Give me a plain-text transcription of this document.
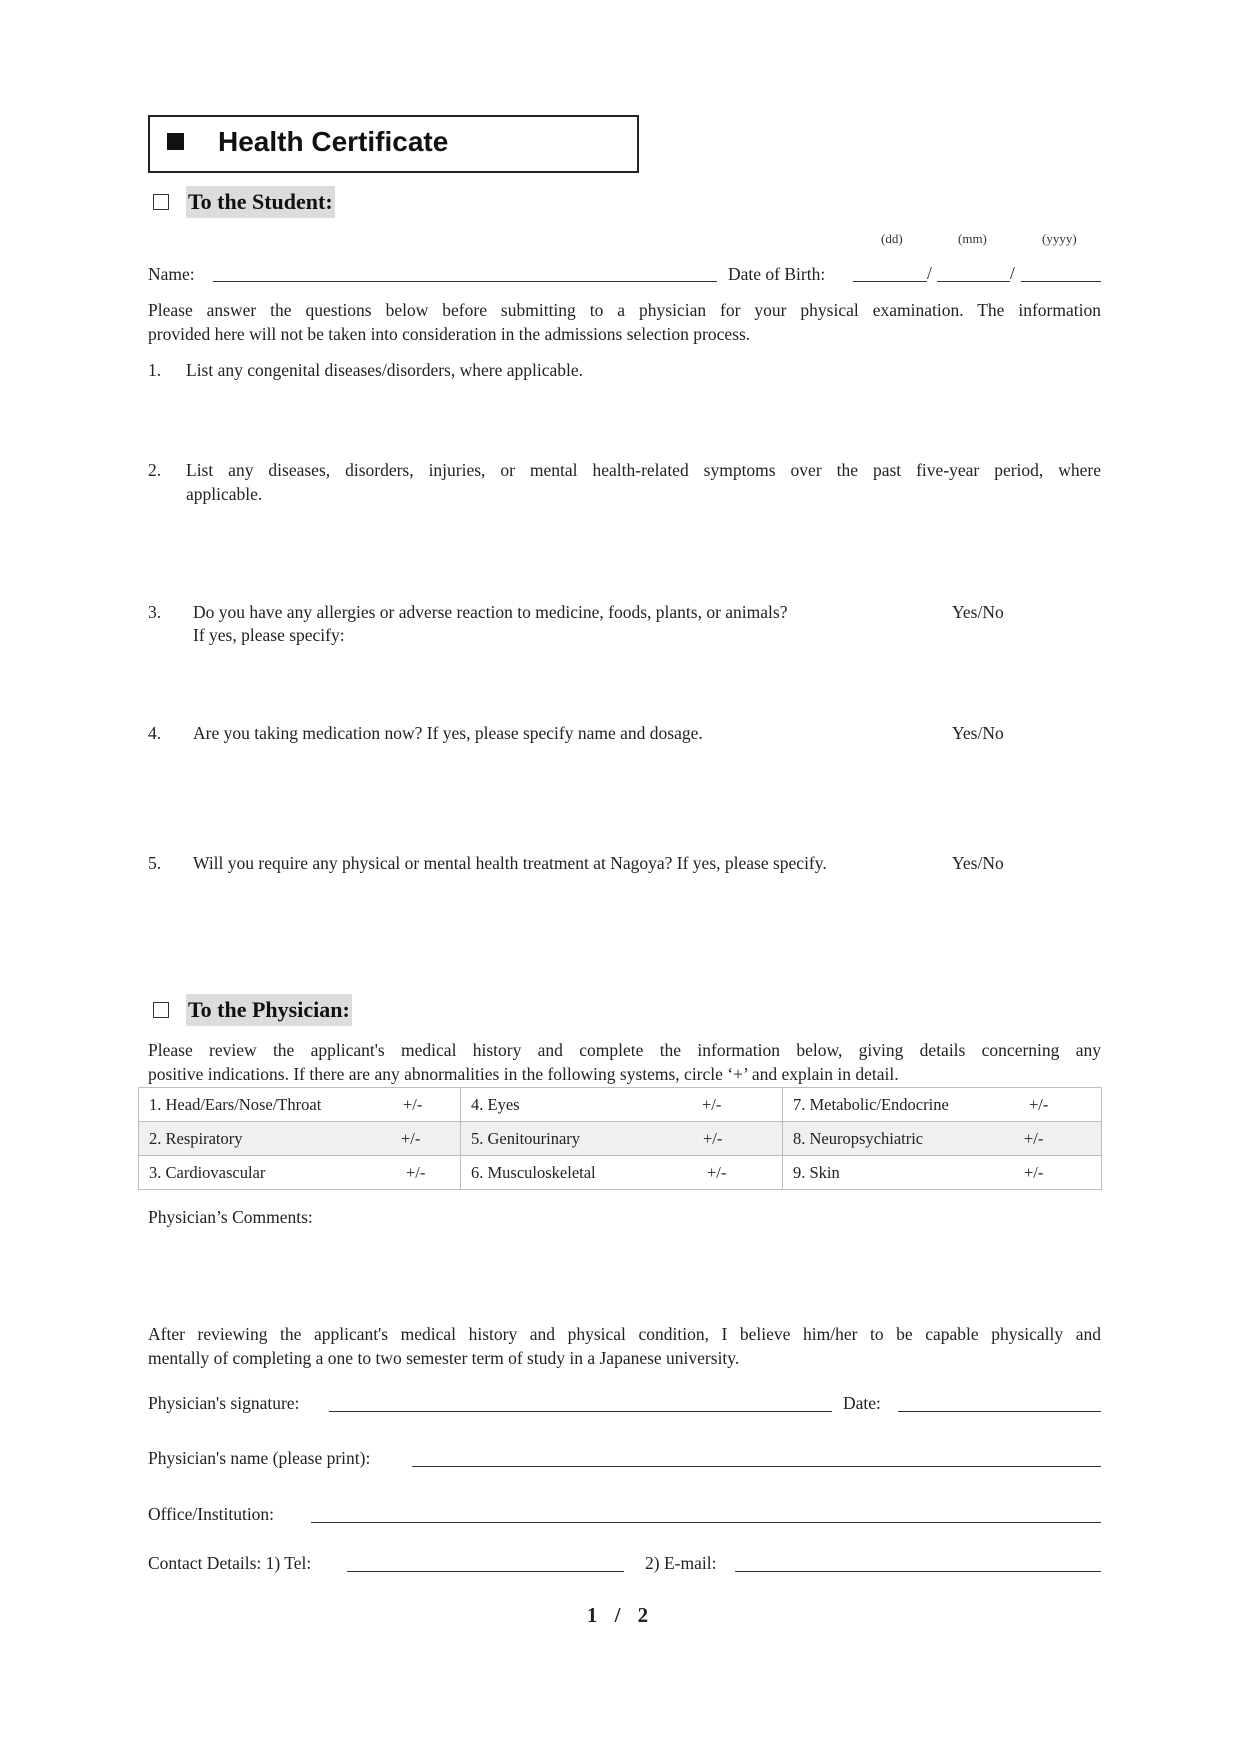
Health Certificate
To the Student:
(dd)	(mm)	(yyyy)
Name:	Date of Birth:	/	/
Please answer the questions below before submitting to a physician for your physical examination. The information
provided here will not be taken into consideration in the admissions selection process.
1. List any congenital diseases/disorders, where applicable.
2. List any diseases, disorders, injuries, or mental health-related symptoms over the past five-year period, where
applicable.
3. Do you have any allergies or adverse reaction to medicine, foods, plants, or animals?
If yes, please specify:
Yes/No
4. Are you taking medication now? If yes, please specify name and dosage.	Yes/No
5. Will you require any physical or mental health treatment at Nagoya? If yes, please specify.	Yes/No
To the Physician:
Please review the applicant's medical history and complete the information below, giving details concerning any
positive indications. If there are any abnormalities in the following systems, circle ‘+’ and explain in detail.
1. Head/Ears/Nose/Throat +/-	4. Eyes +/-	7. Metabolic/Endocrine +/-

2. Respiratory +/-	5. Genitourinary +/-	8. Neuropsychiatric +/-

3. Cardiovascular +/-	6. Musculoskeletal +/-	9. Skin +/-
Physician’s Comments:
After reviewing the applicant's medical history and physical condition, I believe him/her to be capable physically and
mentally of completing a one to two semester term of study in a Japanese university.
Physician's signature:	Date:
Physician's name (please print):
Office/Institution:
Contact Details: 1) Tel:	2) E-mail:
1 / 2
